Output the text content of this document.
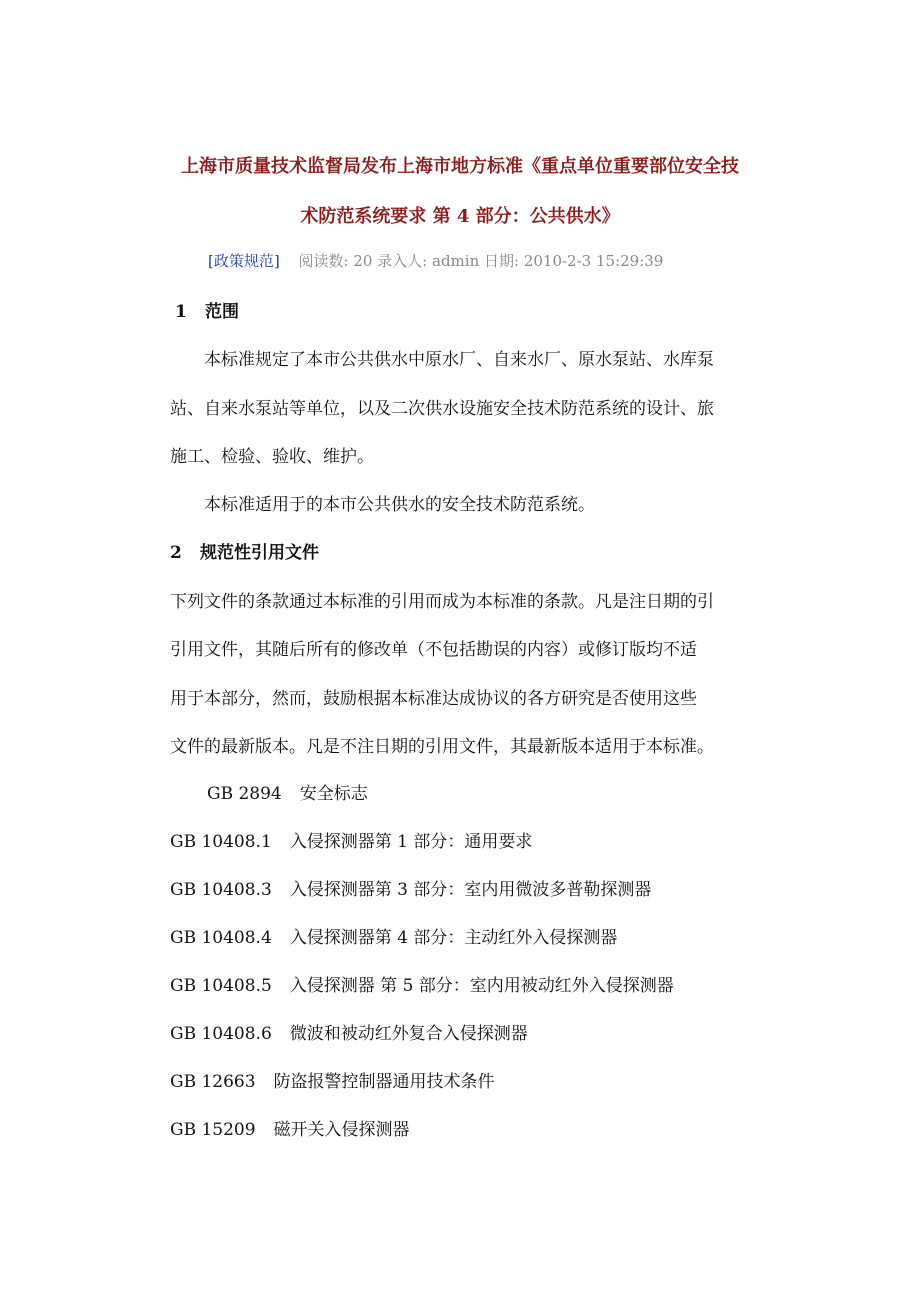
上海市质量技术监督局发布上海市地方标准《重点单位重要部位安全技
术防范系统要求 第 4 部分：公共供水》
[政策规范] 阅读数: 20 录入人: admin 日期: 2010-2-3 15:29:39
1 范围
本标准规定了本市公共供水中原水厂、自来水厂、原水泵站、水库泵
站、自来水泵站等单位，以及二次供水设施安全技术防范系统的设计、旅
施工、检验、验收、维护。
本标准适用于的本市公共供水的安全技术防范系统。
2 规范性引用文件
下列文件的条款通过本标准的引用而成为本标准的条款。凡是注日期的引
引用文件，其随后所有的修改单（不包括勘误的内容）或修订版均不适
用于本部分，然而，鼓励根据本标准达成协议的各方研究是否使用这些
文件的最新版本。凡是不注日期的引用文件，其最新版本适用于本标准。
GB 2894 安全标志
GB 10408.1 入侵探测器第 1 部分：通用要求
GB 10408.3 入侵探测器第 3 部分：室内用微波多普勒探测器
GB 10408.4 入侵探测器第 4 部分：主动红外入侵探测器
GB 10408.5 入侵探测器 第 5 部分：室内用被动红外入侵探测器
GB 10408.6 微波和被动红外复合入侵探测器
GB 12663 防盗报警控制器通用技术条件
GB 15209 磁开关入侵探测器
